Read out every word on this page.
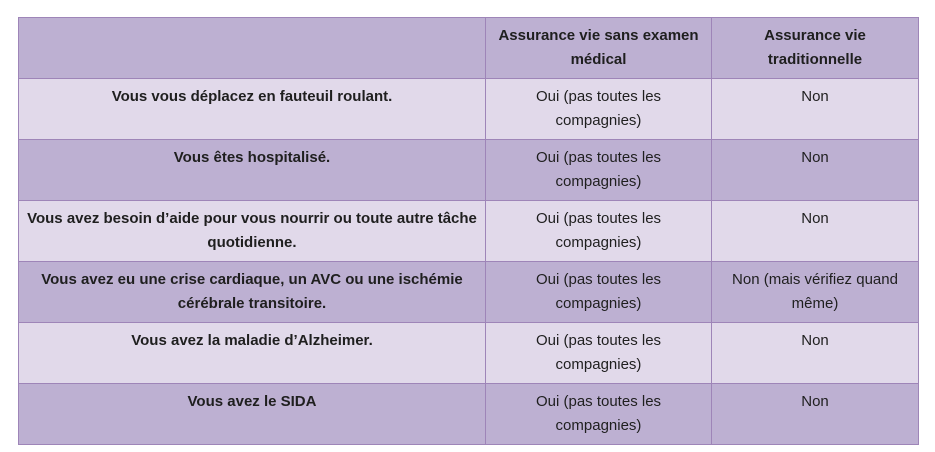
	Assurance vie sans examen médical	Assurance vie traditionnelle
Vous vous déplacez en fauteuil roulant.	Oui (pas toutes les compagnies)	Non
Vous êtes hospitalisé.	Oui (pas toutes les compagnies)	Non
Vous avez besoin d’aide pour vous nourrir ou toute autre tâche quotidienne.	Oui (pas toutes les compagnies)	Non
Vous avez eu une crise cardiaque, un AVC ou une ischémie cérébrale transitoire.	Oui (pas toutes les compagnies)	Non (mais vérifiez quand même)
Vous avez la maladie d’Alzheimer.	Oui (pas toutes les compagnies)	Non
Vous avez le SIDA	Oui (pas toutes les compagnies)	Non
